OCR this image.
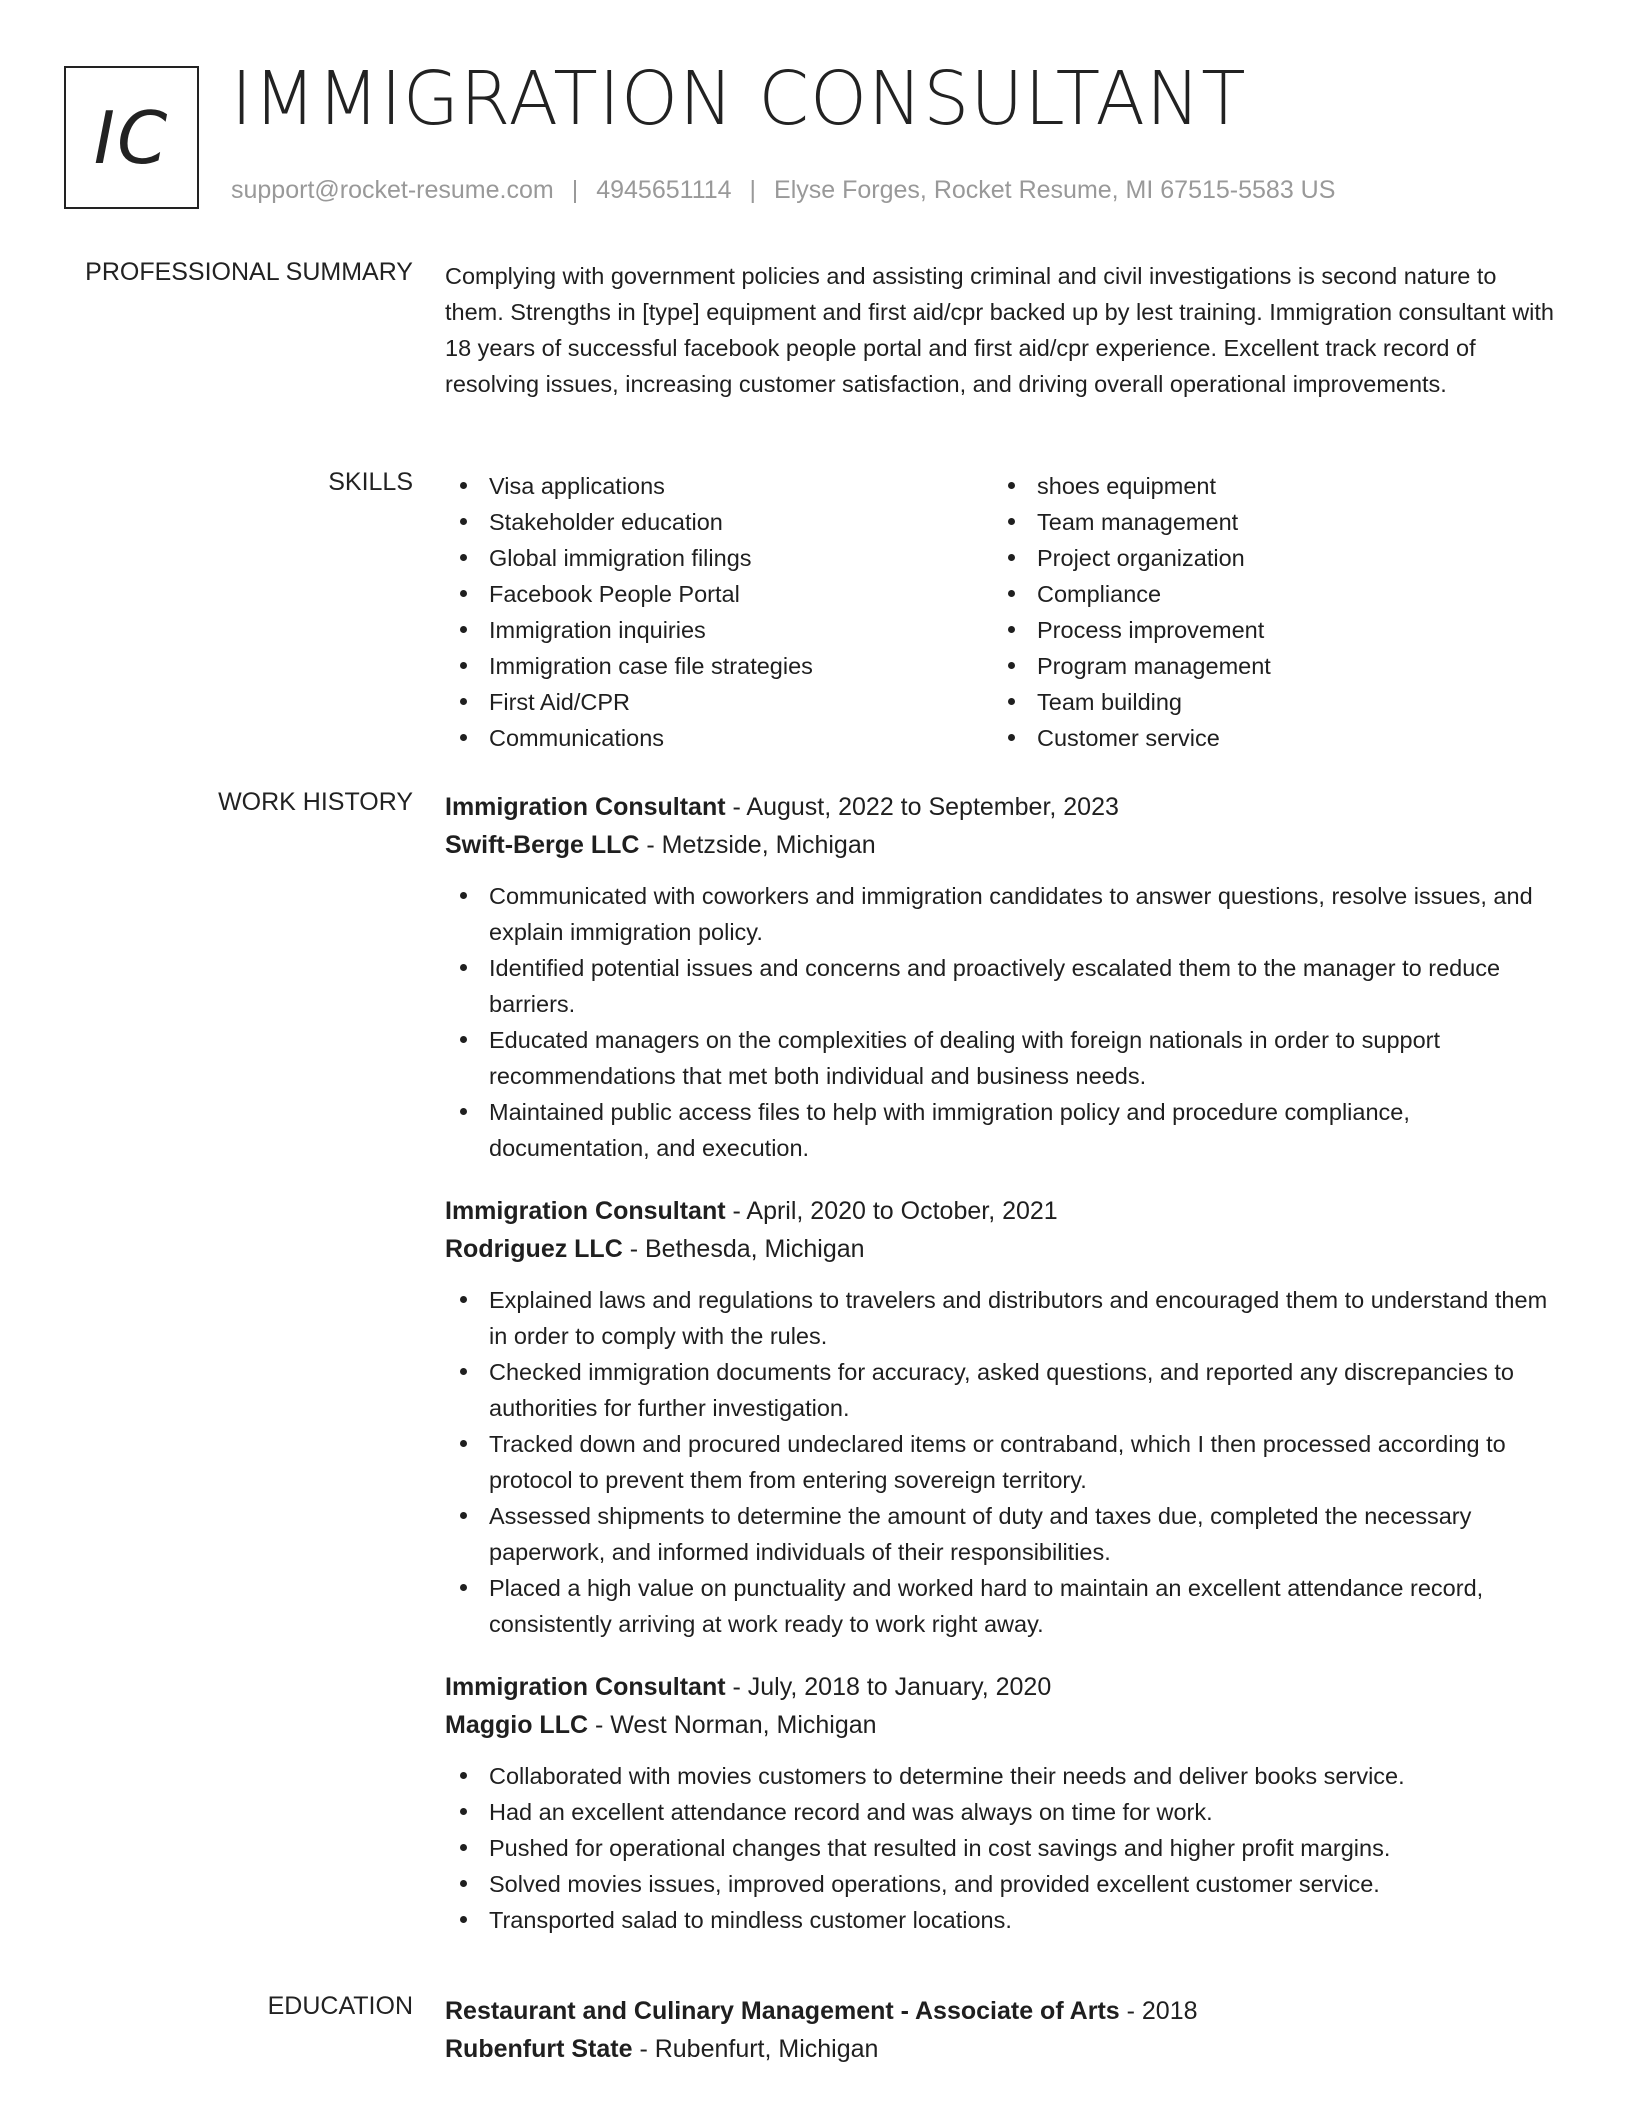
IC IMMIGRATION CONSULTANT
support@rocket-resume.com | 4945651114 | Elyse Forges, Rocket Resume, MI 67515-5583 US
PROFESSIONAL SUMMARY Complying with government policies and assisting criminal and civil investigations is second nature to them. Strengths in [type] equipment and first aid/cpr backed up by lest training. Immigration consultant with 18 years of successful facebook people portal and first aid/cpr experience. Excellent track record of resolving issues, increasing customer satisfaction, and driving overall operational improvements.
SKILLS	Visa applications
Stakeholder education
Global immigration filings
Facebook People Portal
Immigration inquiries
Immigration case file strategies
First Aid/CPR
Communications
shoes equipment
Team management
Project organization
Compliance
Process improvement
Program management
Team building
Customer service
WORK HISTORY Immigration Consultant - August, 2022 to September, 2023
Swift-Berge LLC - Metzside, Michigan
Communicated with coworkers and immigration candidates to answer questions, resolve issues, and explain immigration policy.
Identified potential issues and concerns and proactively escalated them to the manager to reduce barriers.
Educated managers on the complexities of dealing with foreign nationals in order to support recommendations that met both individual and business needs.
Maintained public access files to help with immigration policy and procedure compliance, documentation, and execution.
Immigration Consultant - April, 2020 to October, 2021
Rodriguez LLC - Bethesda, Michigan
Explained laws and regulations to travelers and distributors and encouraged them to understand them in order to comply with the rules.
Checked immigration documents for accuracy, asked questions, and reported any discrepancies to authorities for further investigation.
Tracked down and procured undeclared items or contraband, which I then processed according to protocol to prevent them from entering sovereign territory.
Assessed shipments to determine the amount of duty and taxes due, completed the necessary paperwork, and informed individuals of their responsibilities.
Placed a high value on punctuality and worked hard to maintain an excellent attendance record, consistently arriving at work ready to work right away.
Immigration Consultant - July, 2018 to January, 2020
Maggio LLC - West Norman, Michigan
Collaborated with movies customers to determine their needs and deliver books service.
Had an excellent attendance record and was always on time for work.
Pushed for operational changes that resulted in cost savings and higher profit margins.
Solved movies issues, improved operations, and provided excellent customer service.
Transported salad to mindless customer locations.
EDUCATION Restaurant and Culinary Management - Associate of Arts - 2018
Rubenfurt State - Rubenfurt, Michigan
